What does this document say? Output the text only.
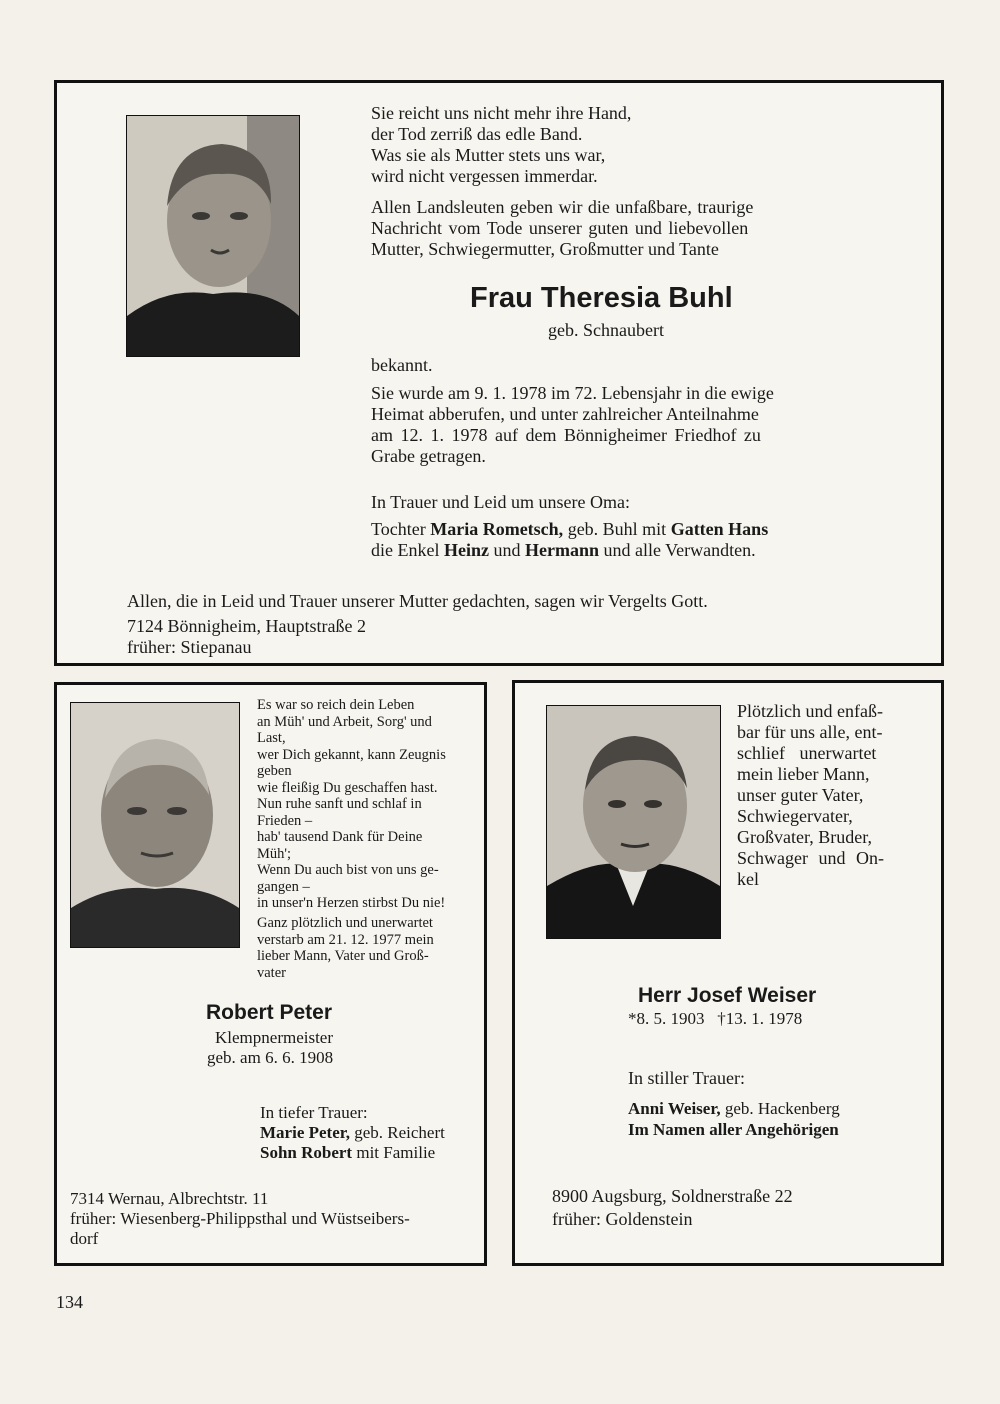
Sie reicht uns nicht mehr ihre Hand,
der Tod zerriß das edle Band.
Was sie als Mutter stets uns war,
wird nicht vergessen immerdar.
Allen Landsleuten geben wir die unfaßbare, traurige
Nachricht vom Tode unserer guten und liebevollen
Mutter, Schwiegermutter, Großmutter und Tante
Frau Theresia Buhl
geb. Schnaubert
bekannt.
Sie wurde am 9. 1. 1978 im 72. Lebensjahr in die ewige
Heimat abberufen, und unter zahlreicher Anteilnahme
am 12. 1. 1978 auf dem Bönnigheimer Friedhof zu
Grabe getragen.
In Trauer und Leid um unsere Oma:
Tochter Maria Rometsch, geb. Buhl mit Gatten Hans
die Enkel Heinz und Hermann und alle Verwandten.
Allen, die in Leid und Trauer unserer Mutter gedachten, sagen wir Vergelts Gott.
7124 Bönnigheim, Hauptstraße 2
früher: Stiepanau
Es war so reich dein Leben
an Müh' und Arbeit, Sorg' und
Last,
wer Dich gekannt, kann Zeugnis
geben
wie fleißig Du geschaffen hast.
Nun ruhe sanft und schlaf in
Frieden –
hab' tausend Dank für Deine
Müh';
Wenn Du auch bist von uns ge-
gangen –
in unser'n Herzen stirbst Du nie!
Ganz plötzlich und unerwartet
verstarb am 21. 12. 1977 mein
lieber Mann, Vater und Groß-
vater
Robert Peter
Klempnermeister
geb. am 6. 6. 1908
In tiefer Trauer:
Marie Peter, geb. Reichert
Sohn Robert mit Familie
7314 Wernau, Albrechtstr. 11
früher: Wiesenberg-Philippsthal und Wüstseibers-
dorf
Plötzlich und enfaß-
bar für uns alle, ent-
schlief unerwartet
mein lieber Mann,
unser guter Vater,
Schwiegervater,
Großvater, Bruder,
Schwager und On-
kel
Herr Josef Weiser
*8. 5. 1903   †13. 1. 1978
In stiller Trauer:
Anni Weiser, geb. Hackenberg
Im Namen aller Angehörigen
8900 Augsburg, Soldnerstraße 22
früher: Goldenstein
134
